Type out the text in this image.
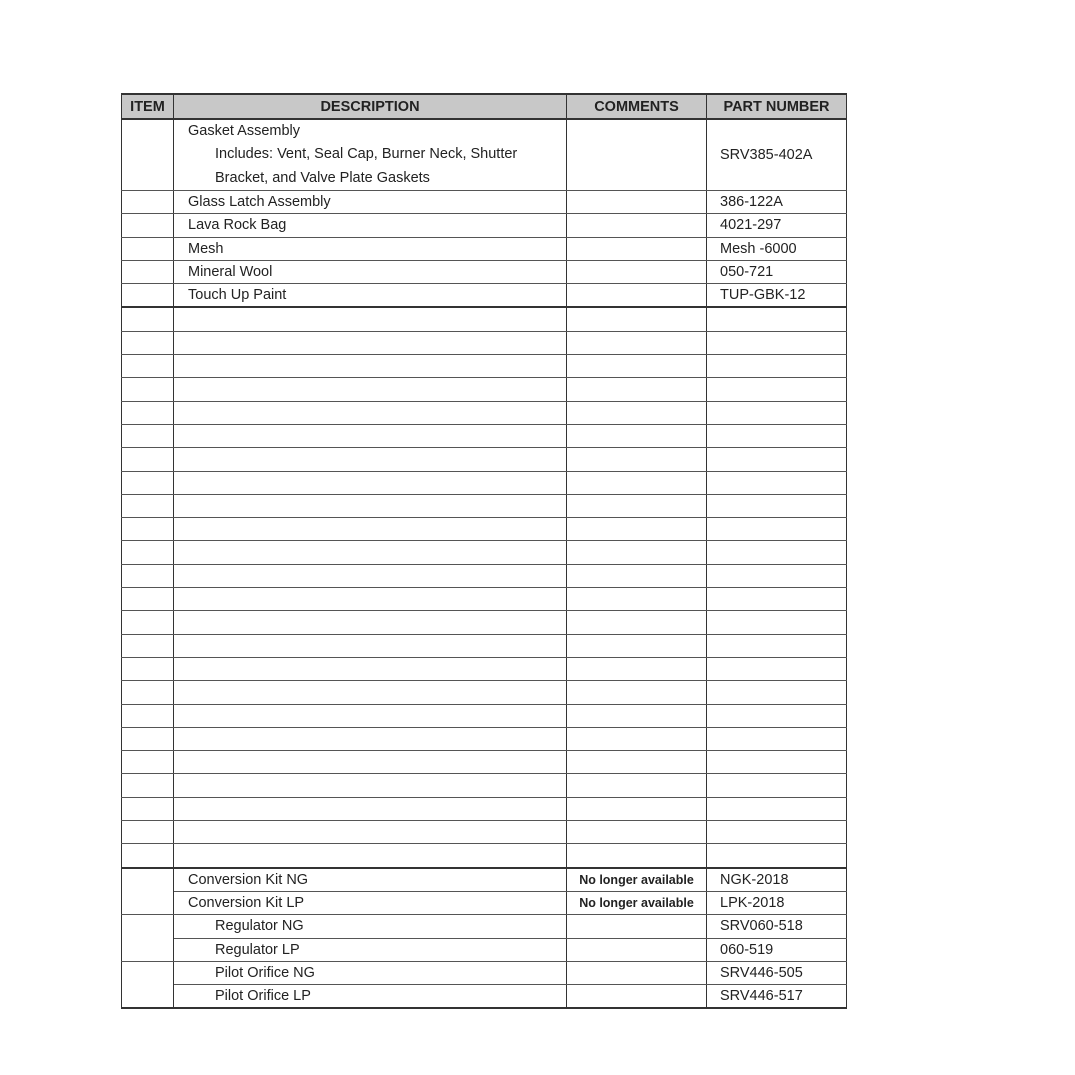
ITEM	DESCRIPTION	COMMENTS	PART NUMBER

	Gasket Assembly
Includes: Vent, Seal Cap, Burner Neck, Shutter
Bracket, and Valve Plate Gaskets		SRV385-402A
	Glass Latch Assembly		386-122A
	Lava Rock Bag		4021-297
	Mesh		Mesh -6000
	Mineral Wool		050-721
	Touch Up Paint		TUP-GBK-12

	Conversion Kit NG	No longer available	NGK-2018
	Conversion Kit LP	No longer available	LPK-2018
	Regulator NG		SRV060-518
	Regulator LP		060-519
	Pilot Orifice NG		SRV446-505
	Pilot Orifice LP		SRV446-517
